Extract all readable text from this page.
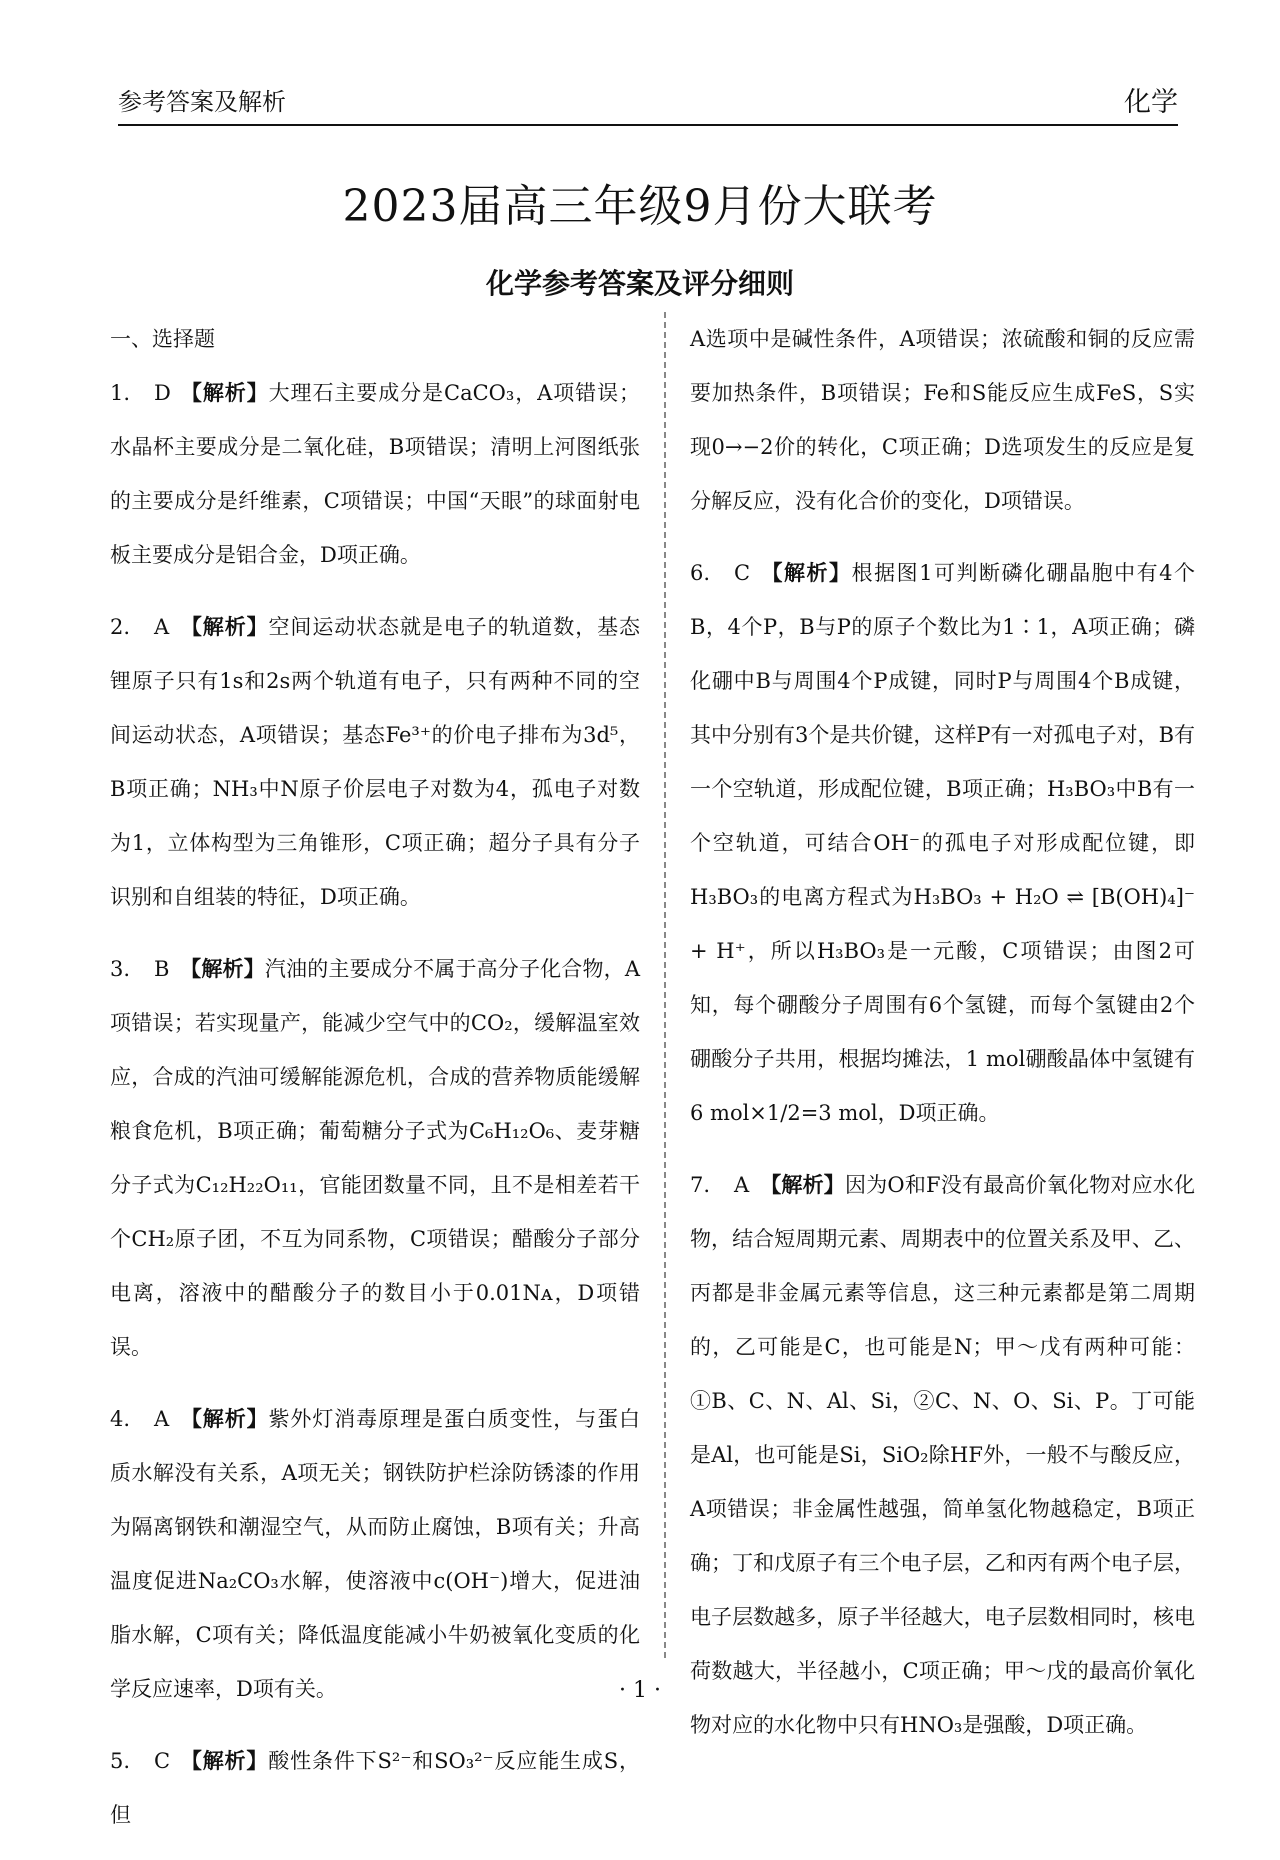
参考答案及解析	化学
2023届高三年级9月份大联考
化学参考答案及评分细则

一、选择题

1. D 【解析】大理石主要成分是CaCO₃，A项错误；水晶杯主要成分是二氧化硅，B项错误；清明上河图纸张的主要成分是纤维素，C项错误；中国“天眼”的球面射电板主要成分是铝合金，D项正确。

2. A 【解析】空间运动状态就是电子的轨道数，基态锂原子只有1s和2s两个轨道有电子，只有两种不同的空间运动状态，A项错误；基态Fe³⁺的价电子排布为3d⁵，B项正确；NH₃中N原子价层电子对数为4，孤电子对数为1，立体构型为三角锥形，C项正确；超分子具有分子识别和自组装的特征，D项正确。

3. B 【解析】汽油的主要成分不属于高分子化合物，A项错误；若实现量产，能减少空气中的CO₂，缓解温室效应，合成的汽油可缓解能源危机，合成的营养物质能缓解粮食危机，B项正确；葡萄糖分子式为C₆H₁₂O₆、麦芽糖分子式为C₁₂H₂₂O₁₁，官能团数量不同，且不是相差若干个CH₂原子团，不互为同系物，C项错误；醋酸分子部分电离，溶液中的醋酸分子的数目小于0.01Nᴀ，D项错误。

4. A 【解析】紫外灯消毒原理是蛋白质变性，与蛋白质水解没有关系，A项无关；钢铁防护栏涂防锈漆的作用为隔离钢铁和潮湿空气，从而防止腐蚀，B项有关；升高温度促进Na₂CO₃水解，使溶液中c(OH⁻)增大，促进油脂水解，C项有关；降低温度能减小牛奶被氧化变质的化学反应速率，D项有关。

5. C 【解析】酸性条件下S²⁻和SO₃²⁻反应能生成S，但

A选项中是碱性条件，A项错误；浓硫酸和铜的反应需要加热条件，B项错误；Fe和S能反应生成FeS，S实现0→−2价的转化，C项正确；D选项发生的反应是复分解反应，没有化合价的变化，D项错误。

6. C 【解析】根据图1可判断磷化硼晶胞中有4个B，4个P，B与P的原子个数比为1∶1，A项正确；磷化硼中B与周围4个P成键，同时P与周围4个B成键，其中分别有3个是共价键，这样P有一对孤电子对，B有一个空轨道，形成配位键，B项正确；H₃BO₃中B有一个空轨道，可结合OH⁻的孤电子对形成配位键，即H₃BO₃的电离方程式为H₃BO₃ + H₂O ⇌ [B(OH)₄]⁻ + H⁺，所以H₃BO₃是一元酸，C项错误；由图2可知，每个硼酸分子周围有6个氢键，而每个氢键由2个硼酸分子共用，根据均摊法，1 mol硼酸晶体中氢键有6 mol×1/2=3 mol，D项正确。

7. A 【解析】因为O和F没有最高价氧化物对应水化物，结合短周期元素、周期表中的位置关系及甲、乙、丙都是非金属元素等信息，这三种元素都是第二周期的，乙可能是C，也可能是N；甲～戊有两种可能：①B、C、N、Al、Si，②C、N、O、Si、P。丁可能是Al，也可能是Si，SiO₂除HF外，一般不与酸反应，A项错误；非金属性越强，简单氢化物越稳定，B项正确；丁和戊原子有三个电子层，乙和丙有两个电子层，电子层数越多，原子半径越大，电子层数相同时，核电荷数越大，半径越小，C项正确；甲～戊的最高价氧化物对应的水化物中只有HNO₃是强酸，D项正确。

· 1 ·
